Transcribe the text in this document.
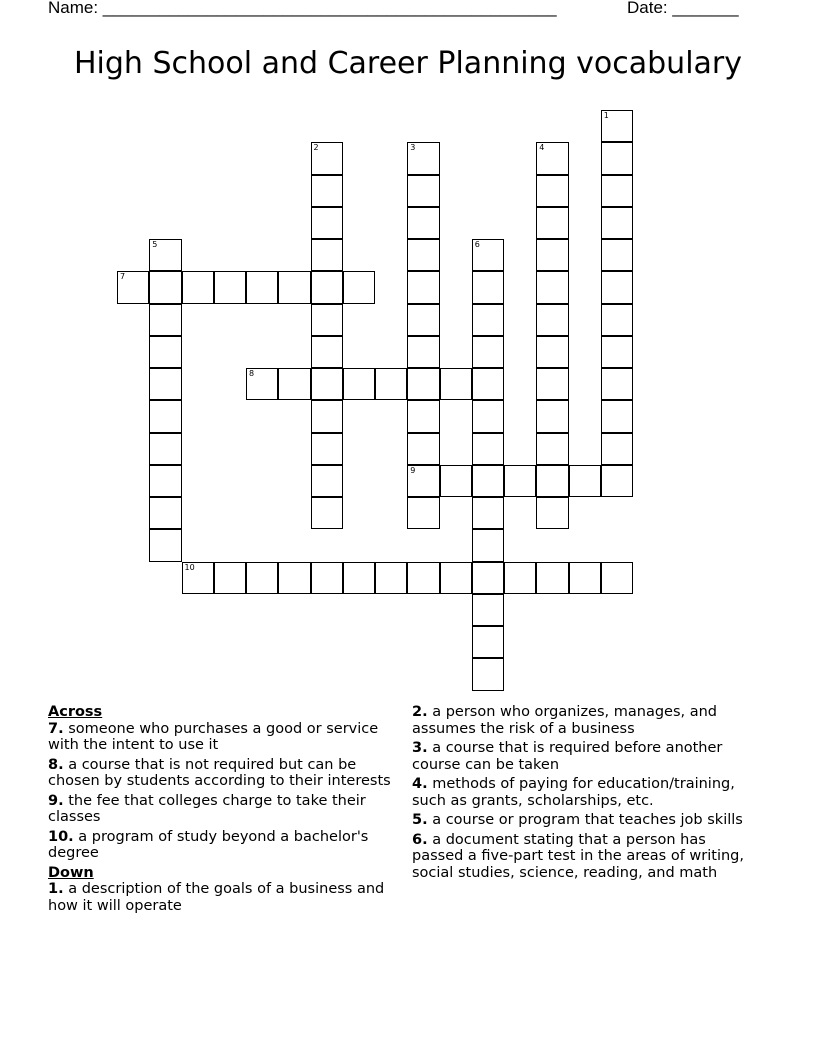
Name: ________________________________________________	Date: _______
High School and Career Planning vocabulary
1
2	3
9
4
5	6
7
8
10
Across
7. someone who purchases a good or service with the intent to use it
8. a course that is not required but can be chosen by students according to their interests
9. the fee that colleges charge to take their classes
10. a program of study beyond a bachelor's degree
Down
1. a description of the goals of a business and how it will operate
2. a person who organizes, manages, and assumes the risk of a business
3. a course that is required before another course can be taken
4. methods of paying for education/training, such as grants, scholarships, etc.
5. a course or program that teaches job skills
6. a document stating that a person has passed a five-part test in the areas of writing, social studies, science, reading, and math
